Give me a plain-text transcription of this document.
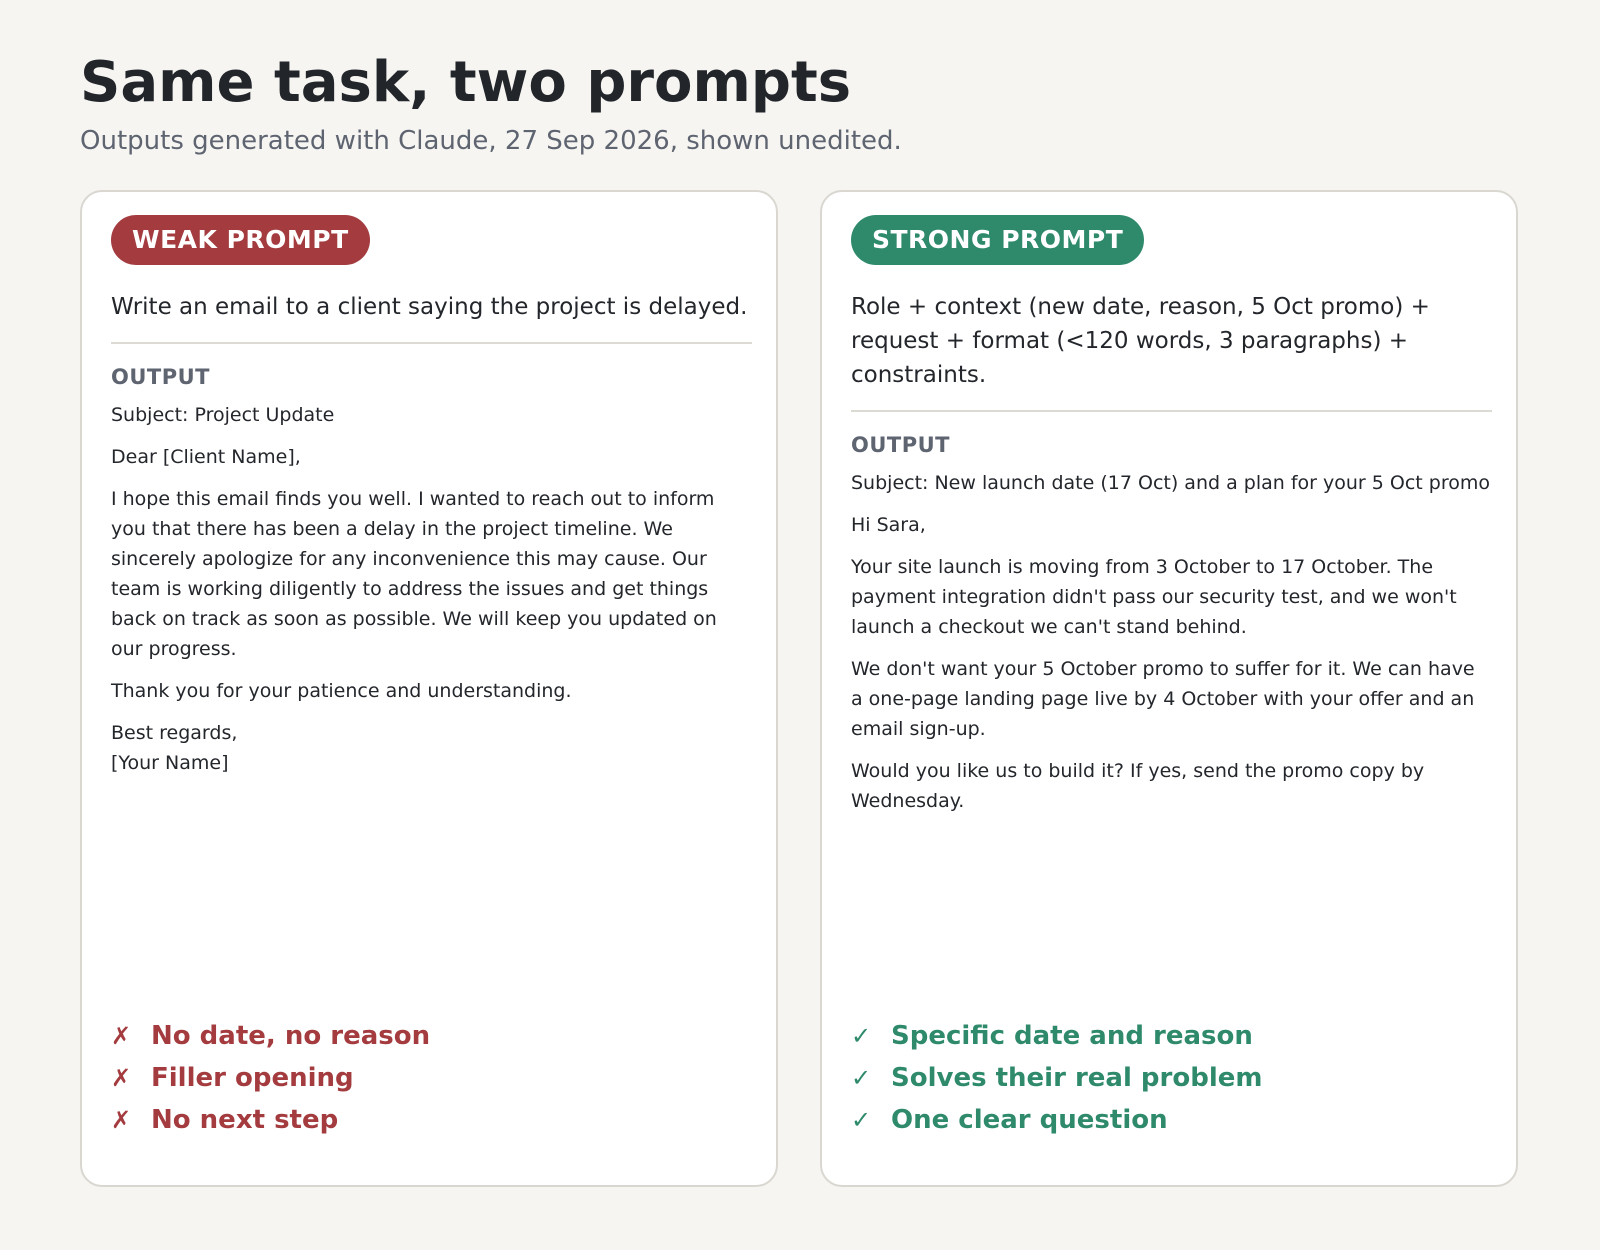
Same task, two prompts

Outputs generated with Claude, 27 Sep 2026, shown unedited.

WEAK PROMPT

Write an email to a client saying the project is delayed.

OUTPUT

Subject: Project Update

Dear [Client Name],

I hope this email finds you well. I wanted to reach out to inform you that there has been a delay in the project timeline. We sincerely apologize for any inconvenience this may cause. Our team is working diligently to address the issues and get things back on track as soon as possible. We will keep you updated on our progress.

Thank you for your patience and understanding.

Best regards,
[Your Name]

✗ No date, no reason
✗ Filler opening
✗ No next step
STRONG PROMPT

Role + context (new date, reason, 5 Oct promo) + request + format (<120 words, 3 paragraphs) + constraints.

OUTPUT

Subject: New launch date (17 Oct) and a plan for your 5 Oct promo

Hi Sara,

Your site launch is moving from 3 October to 17 October. The payment integration didn't pass our security test, and we won't launch a checkout we can't stand behind.

We don't want your 5 October promo to suffer for it. We can have a one-page landing page live by 4 October with your offer and an email sign-up.

Would you like us to build it? If yes, send the promo copy by Wednesday.

✓ Specific date and reason
✓ Solves their real problem
✓ One clear question
